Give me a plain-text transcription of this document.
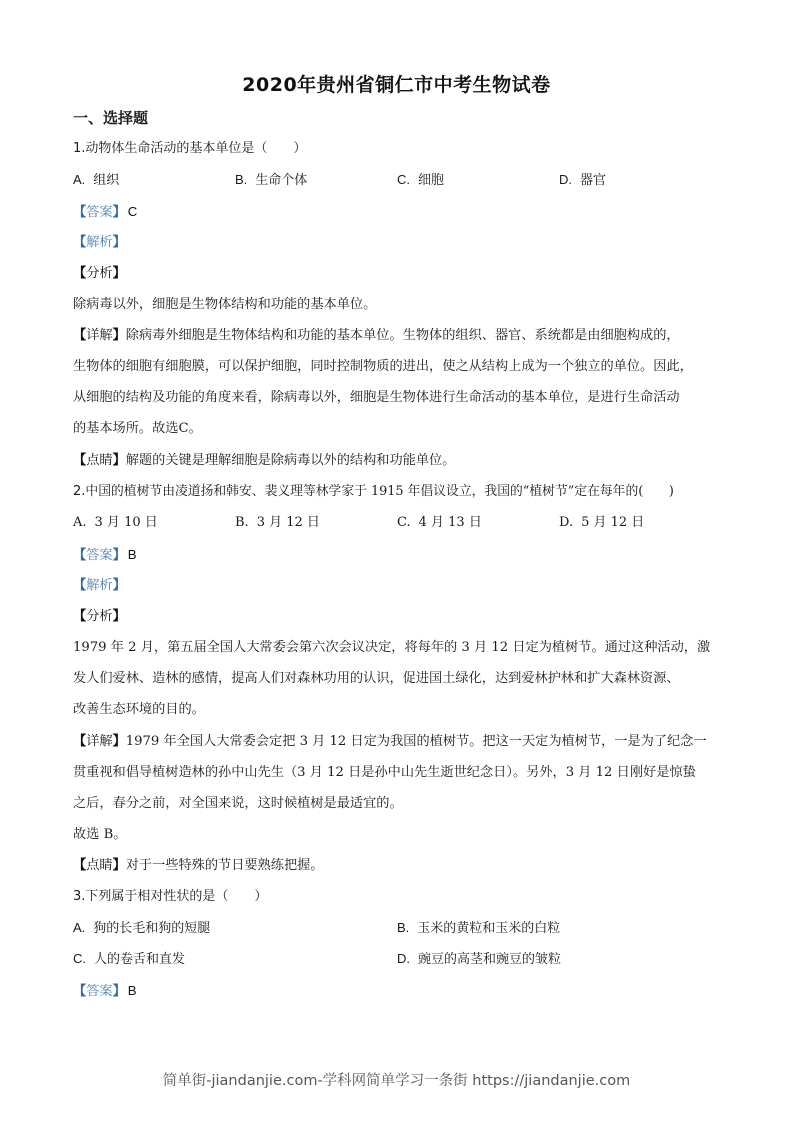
2020年贵州省铜仁市中考生物试卷
一、选择题
1.动物体生命活动的基本单位是（　　）
A. 组织	B. 生命个体	C. 细胞	D. 器官
【答案】 C
【解析】
【分析】
除病毒以外，细胞是生物体结构和功能的基本单位。
【详解】除病毒外细胞是生物体结构和功能的基本单位。生物体的组织、器官、系统都是由细胞构成的，
生物体的细胞有细胞膜，可以保护细胞，同时控制物质的进出，使之从结构上成为一个独立的单位。因此，
从细胞的结构及功能的角度来看，除病毒以外，细胞是生物体进行生命活动的基本单位，是进行生命活动
的基本场所。故选C。
【点睛】解题的关键是理解细胞是除病毒以外的结构和功能单位。
2.中国的植树节由凌道扬和韩安、裴义理等林学家于 1915 年倡议设立，我国的“植树节”定在每年的(　　)
A. 3 月 10 日	B. 3 月 12 日	C. 4 月 13 日	D. 5 月 12 日
【答案】 B
【解析】
【分析】
1979 年 2 月，第五届全国人大常委会第六次会议决定，将每年的 3 月 12 日定为植树节。通过这种活动，激
发人们爱林、造林的感情，提高人们对森林功用的认识，促进国土绿化，达到爱林护林和扩大森林资源、
改善生态环境的目的。
【详解】1979 年全国人大常委会定把 3 月 12 日定为我国的植树节。把这一天定为植树节，一是为了纪念一
贯重视和倡导植树造林的孙中山先生（3 月 12 日是孙中山先生逝世纪念日）。另外，3 月 12 日刚好是惊蛰
之后，春分之前，对全国来说，这时候植树是最适宜的。
故选 B。
【点睛】对于一些特殊的节日要熟练把握。
3.下列属于相对性状的是（　　）
A. 狗的长毛和狗的短腿	B. 玉米的黄粒和玉米的白粒
C. 人的卷舌和直发	D. 豌豆的高茎和豌豆的皱粒
【答案】 B
简单街-jiandanjie.com-学科网简单学习一条街 https://jiandanjie.com
